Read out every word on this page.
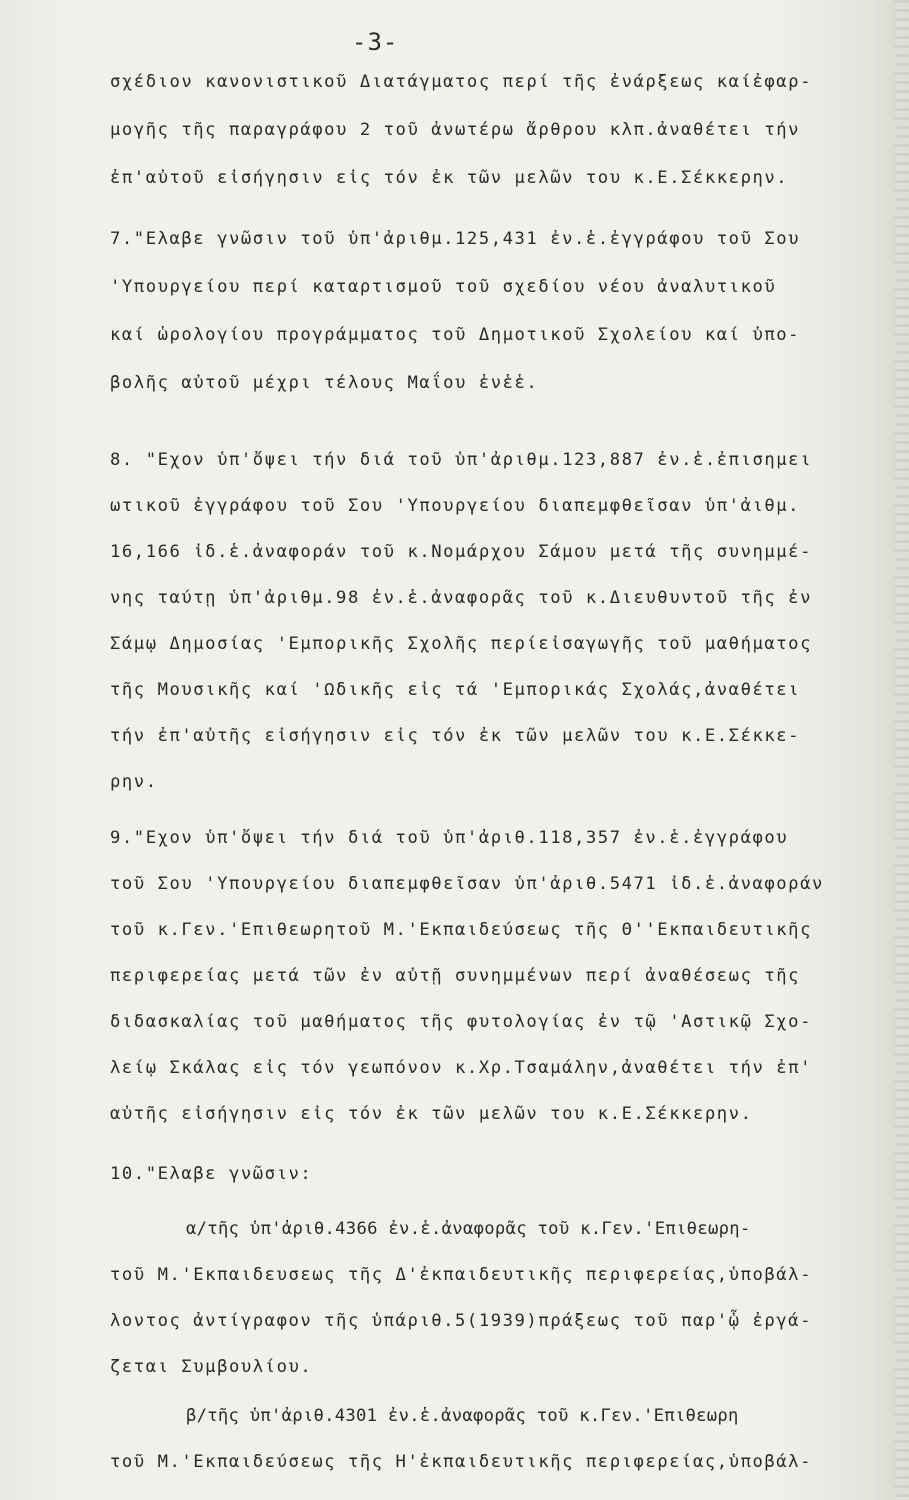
-3-
σχέδιον κανονιστικοῦ Διατάγματος περί τῆς ἐνάρξεως καίἐφαρ-
μογῆς τῆς παραγράφου 2 τοῦ ἀνωτέρω ἄρθρου κλπ.ἀναθέτει τήν
ἐπ'αὐτοῦ εἰσήγησιν εἰς τόν ἐκ τῶν μελῶν του κ.Ε.Σέκκερην.
7."Ελαβε γνῶσιν τοῦ ὑπ'ἀριθμ.125,431 ἐν.ἑ.ἐγγράφου τοῦ Σου
'Υπουργείου περί καταρτισμοῦ τοῦ σχεδίου νέου ἀναλυτικοῦ
καί ὡρολογίου προγράμματος τοῦ Δημοτικοῦ Σχολείου καί ὑπο-
βολῆς αὐτοῦ μέχρι τέλους Μαΐου ἐνἑἑ.
8. "Εχον ὑπ'ὄψει τήν διά τοῦ ὑπ'ἀριθμ.123,887 ἐν.ἑ.ἐπισημει
ωτικοῦ ἐγγράφου τοῦ Σου 'Υπουργείου διαπεμφθεῖσαν ὑπ'ἀιθμ.
16,166 ἰδ.ἑ.ἀναφοράν τοῦ κ.Νομάρχου Σάμου μετά τῆς συνημμέ-
νης ταύτῃ ὑπ'ἀριθμ.98 ἐν.ἑ.ἀναφορᾶς τοῦ κ.Διευθυντοῦ τῆς ἐν
Σάμῳ Δημοσίας 'Εμπορικῆς Σχολῆς περίεἰσαγωγῆς τοῦ μαθήματος
τῆς Μουσικῆς καί 'Ωδικῆς εἰς τά 'Εμπορικάς Σχολάς,ἀναθέτει
τήν ἐπ'αὐτῆς εἰσήγησιν εἰς τόν ἐκ τῶν μελῶν του κ.Ε.Σέκκε-
ρην.
9."Εχον ὑπ'ὄψει τήν διά τοῦ ὑπ'ἀριθ.118,357 ἐν.ἑ.ἐγγράφου
τοῦ Σου 'Υπουργείου διαπεμφθεῖσαν ὑπ'ἀριθ.5471 ἰδ.ἑ.ἀναφοράν
τοῦ κ.Γεν.'Επιθεωρητοῦ Μ.'Εκπαιδεύσεως τῆς Θ''Εκπαιδευτικῆς
περιφερείας μετά τῶν ἐν αὐτῇ συνημμένων περί ἀναθέσεως τῆς
διδασκαλίας τοῦ μαθήματος τῆς φυτολογίας ἐν τῷ 'Αστικῷ Σχο-
λείῳ Σκάλας εἰς τόν γεωπόνον κ.Χρ.Τσαμάλην,ἀναθέτει τήν ἐπ'
αὐτῆς εἰσήγησιν εἰς τόν ἐκ τῶν μελῶν του κ.Ε.Σέκκερην.
10."Ελαβε γνῶσιν:
α/τῆς ὑπ'ἀριθ.4366 ἐν.ἑ.ἀναφορᾶς τοῦ κ.Γεν.'Επιθεωρη-
τοῦ Μ.'Εκπαιδευσεως τῆς Δ'ἐκπαιδευτικῆς περιφερείας,ὑποβάλ-
λοντος ἀντίγραφον τῆς ὑπάριθ.5(1939)πράξεως τοῦ παρ'ᾧ ἐργά-
ζεται Συμβουλίου.
β/τῆς ὑπ'ἀριθ.4301 ἐν.ἑ.ἀναφορᾶς τοῦ κ.Γεν.'Επιθεωρη
τοῦ Μ.'Εκπαιδεύσεως τῆς Η'ἐκπαιδευτικῆς περιφερείας,ὑποβάλ-
